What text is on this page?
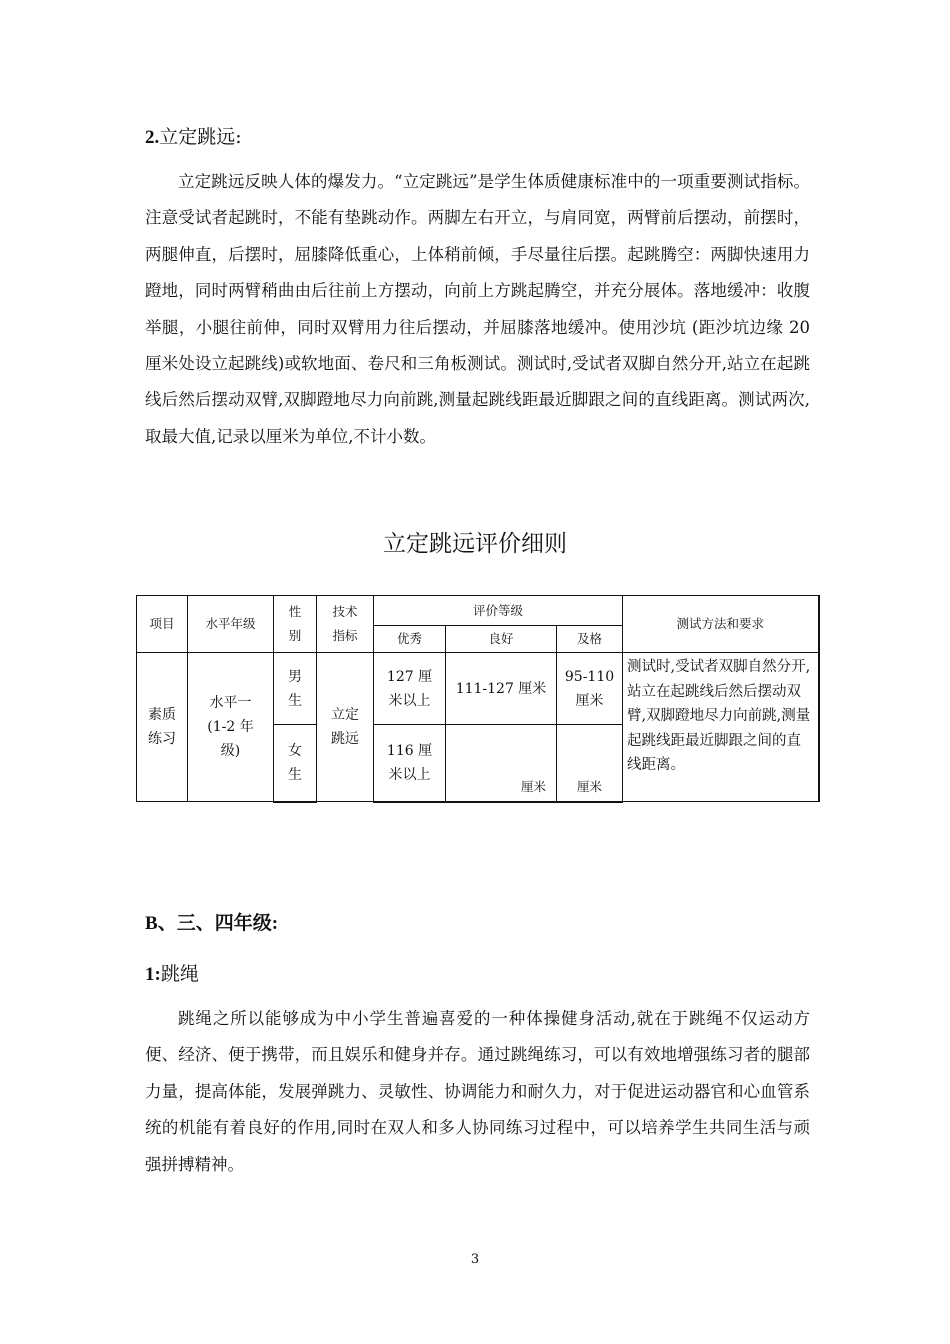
2.立定跳远:
立定跳远反映人体的爆发力。“立定跳远”是学生体质健康标准中的一项重要测试指标。注意受试者起跳时，不能有垫跳动作。两脚左右开立，与肩同宽，两臂前后摆动，前摆时，两腿伸直，后摆时，屈膝降低重心，上体稍前倾，手尽量往后摆。起跳腾空：两脚快速用力蹬地，同时两臂稍曲由后往前上方摆动，向前上方跳起腾空，并充分展体。落地缓冲：收腹举腿，小腿往前伸，同时双臂用力往后摆动，并屈膝落地缓冲。使用沙坑 (距沙坑边缘 20 厘米处设立起跳线)或软地面、卷尺和三角板测试。测试时,受试者双脚自然分开,站立在起跳线后然后摆动双臂,双脚蹬地尽力向前跳,测量起跳线距最近脚跟之间的直线距离。测试两次,取最大值,记录以厘米为单位,不计小数。
立定跳远评价细则
项目	水平年级	性别	技术指标	评价等级			测试方法和要求
				优秀	良好	及格	
素质练习	水平一(1-2 年级)	男生	立定跳远	127 厘米以上	111-127 厘米	95-110 厘米	测试时,受试者双脚自然分开,站立在起跳线后然后摆动双臂,双脚蹬地尽力向前跳,测量起跳线距最近脚跟之间的直线距离。
		女生		116 厘米以上	厘米	厘米	
B、三、四年级:
1:跳绳
跳绳之所以能够成为中小学生普遍喜爱的一种体操健身活动,就在于跳绳不仅运动方便、经济、便于携带，而且娱乐和健身并存。通过跳绳练习，可以有效地增强练习者的腿部力量，提高体能，发展弹跳力、灵敏性、协调能力和耐久力，对于促进运动器官和心血管系统的机能有着良好的作用,同时在双人和多人协同练习过程中，可以培养学生共同生活与顽强拼搏精神。
3
